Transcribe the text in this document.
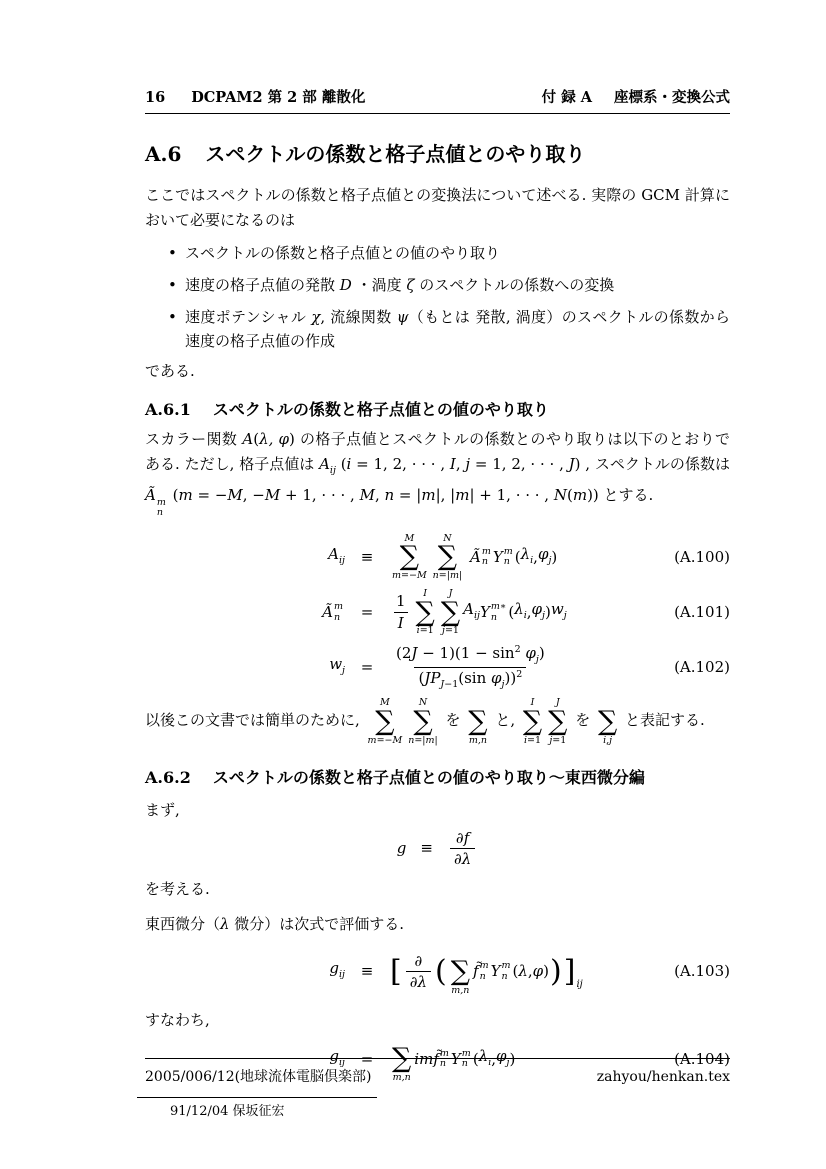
16 DCPAM2 第 2 部 離散化	付 録 A 座標系・変換公式
A.6 スペクトルの係数と格子点値とのやり取り
ここではスペクトルの係数と格子点値との変換法について述べる. 実際の GCM 計算において必要になるのは
• スペクトルの係数と格子点値との値のやり取り
• 速度の格子点値の発散 D ・渦度 ζ のスペクトルの係数への変換
• 速度ポテンシャル χ, 流線関数 ψ（もとは 発散, 渦度）のスペクトルの係数から速度の格子点値の作成
である.
A.6.1 スペクトルの係数と格子点値との値のやり取り
スカラー関数 A(λ, φ) の格子点値とスペクトルの係数とのやり取りは以下のとおりである. ただし, 格子点値は $A_{ij}$ (i = 1, 2, · · · , I, j = 1, 2, · · · , J) , スペクトルの係数は Ã m
n
(m = −M, −M + 1, · · · , M, n = |m|, |m| + 1, · · · , N(m)) とする.
$A_{ij}$	≡
M
∑
m=−M
N
∑
n=|m|

Ã m
n Y m
n ( $\lambda_i$ , $\varphi_j$ )	(A.100)
Ã m
n	=	$\frac{1}{I}$ I
∑
i=1
J
∑
j=1
$A_{ij}$ Y m∗
n ( $\lambda_i$ , $\varphi_j$ ) $w_j$	(A.101)
$w_j$	=	$\frac{(2J - 1)(1 - \sin^2 \varphi_j)}{(JP_{J-1}(\sin \varphi_j))^2}$	(A.102)
以後この文書では簡単のために,
M
∑
m=−M
N
∑
n=|m|
を
∑
m,n
と,
I
∑
i=1
J
∑
j=1
を
∑
i,j
と表記する.
A.6.2 スペクトルの係数と格子点値との値のやり取り〜東西微分編
まず,
$g \equiv \frac{\partial f}{\partial\lambda}$
を考える.
東西微分（λ 微分）は次式で評価する.
$g_{ij}$	≡ [ $\frac{\partial}{\partial\lambda}$ (
∑
m,n
f̃ m
n Y m
n ( λ , φ ) ) ] ij
(A.103)
すなわち,
$g_{ij}$	=
∑
m,n
im f̃ m
n Y m
n ( $\lambda_i$ , $\varphi_j$ )	(A.104)
91/12/04 保坂征宏
2005/006/12(地球流体電脳倶楽部)	zahyou/henkan.tex
